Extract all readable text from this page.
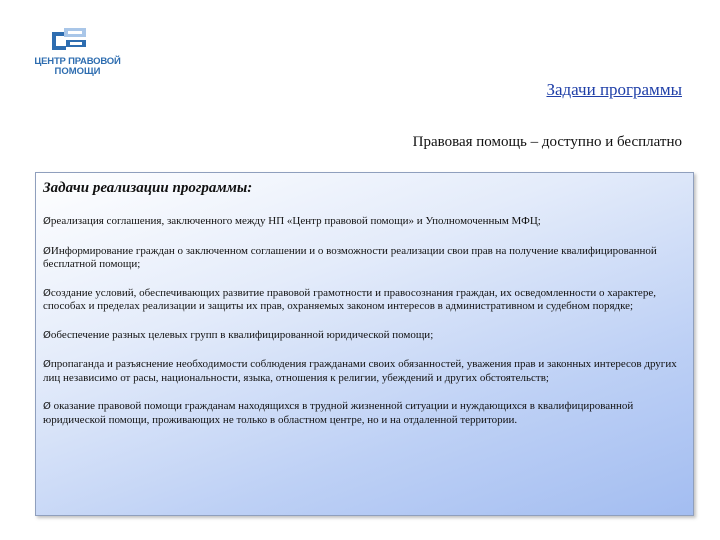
ЦЕНТР ПРАВОВОЙ
ПОМОЩИ
Задачи программы
Правовая помощь – доступно и бесплатно
Задачи реализации программы:
Øреализация соглашения, заключенного между НП «Центр правовой помощи» и Уполномоченным МФЦ;
ØИнформирование граждан о заключенном соглашении и о возможности реализации свои прав на получение квалифицированной бесплатной помощи;
Øсоздание условий, обеспечивающих развитие правовой грамотности и правосознания граждан, их осведомленности о характере, способах и пределах реализации и защиты их прав, охраняемых законом интересов в административном и судебном порядке;
Øобеспечение разных целевых групп в квалифицированной юридической помощи;
Øпропаганда и разъяснение необходимости соблюдения гражданами своих обязанностей, уважения прав и законных интересов других лиц независимо от расы, национальности, языка, отношения к религии, убеждений и других обстоятельств;
Ø оказание правовой помощи гражданам находящихся в трудной жизненной ситуации и нуждающихся в квалифицированной юридической помощи, проживающих не только в областном центре, но и на отдаленной территории.
